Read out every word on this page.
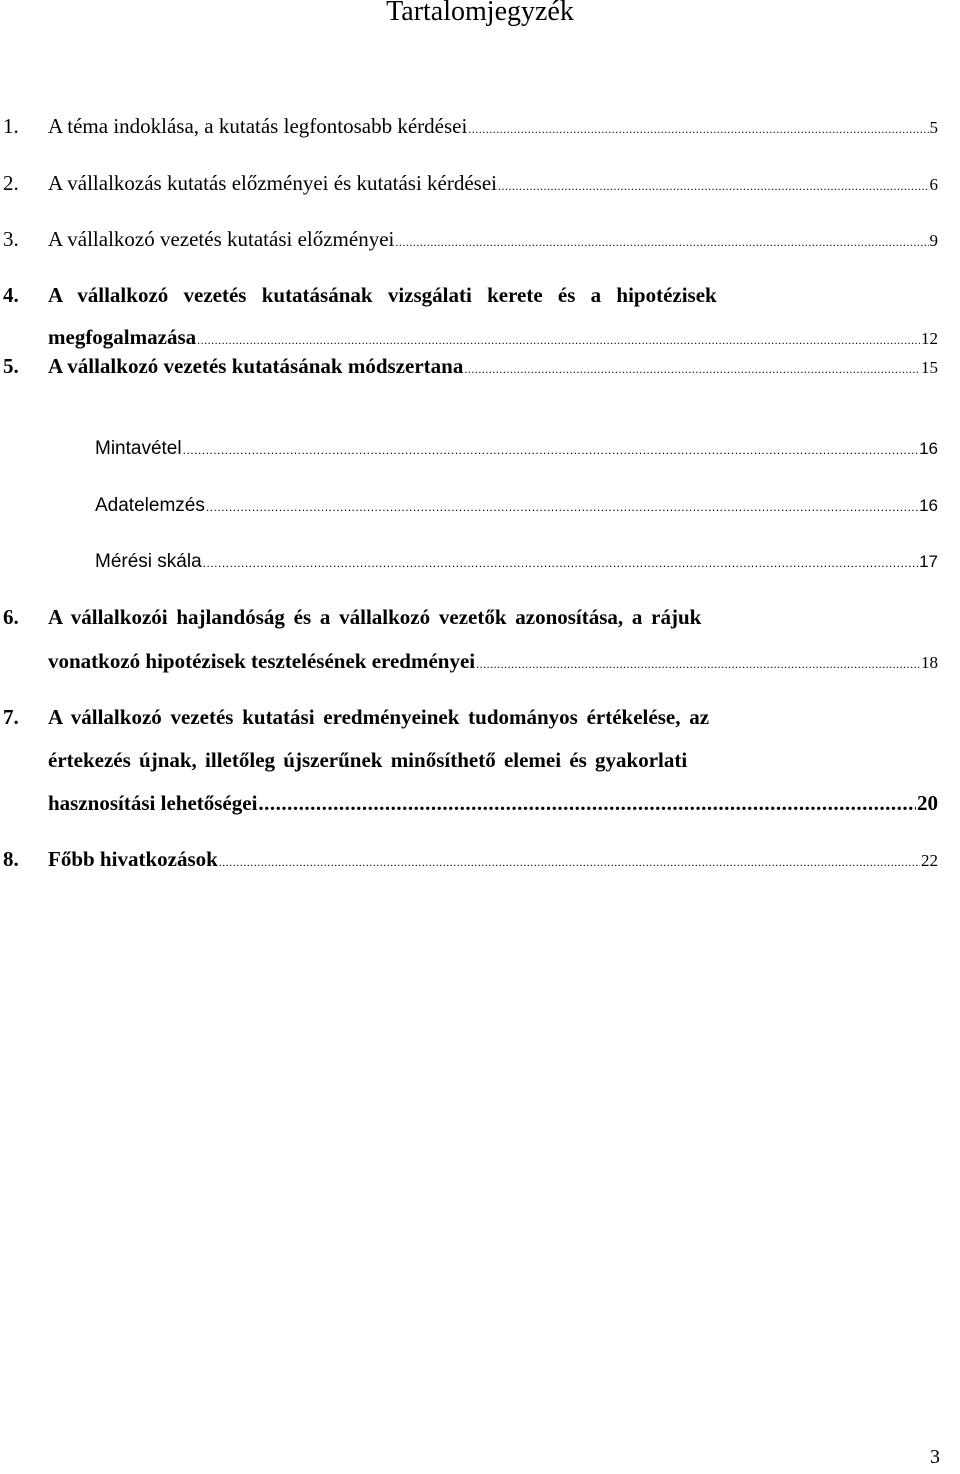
Tartalomjegyzék
1. A téma indoklása, a kutatás legfontosabb kérdései .....	5
2. A vállalkozás kutatás előzményei és kutatási kérdései .....	6
3. A vállalkozó vezetés kutatási előzményei .....	9
4. A vállalkozó vezetés kutatásának vizsgálati kerete és a hipotézisek
megfogalmazása .....	12
5. A vállalkozó vezetés kutatásának módszertana .....	15
Mintavétel .....	16
Adatelemzés .....	16
Mérési skála .....	17
6. A vállalkozói hajlandóság és a vállalkozó vezetők azonosítása, a rájuk
vonatkozó hipotézisek tesztelésének eredményei .....	18
7. A vállalkozó vezetés kutatási eredményeinek tudományos értékelése, az
értekezés újnak, illetőleg újszerűnek minősíthető elemei és gyakorlati
hasznosítási lehetőségei .....	20
8. Főbb hivatkozások .....	22
3
